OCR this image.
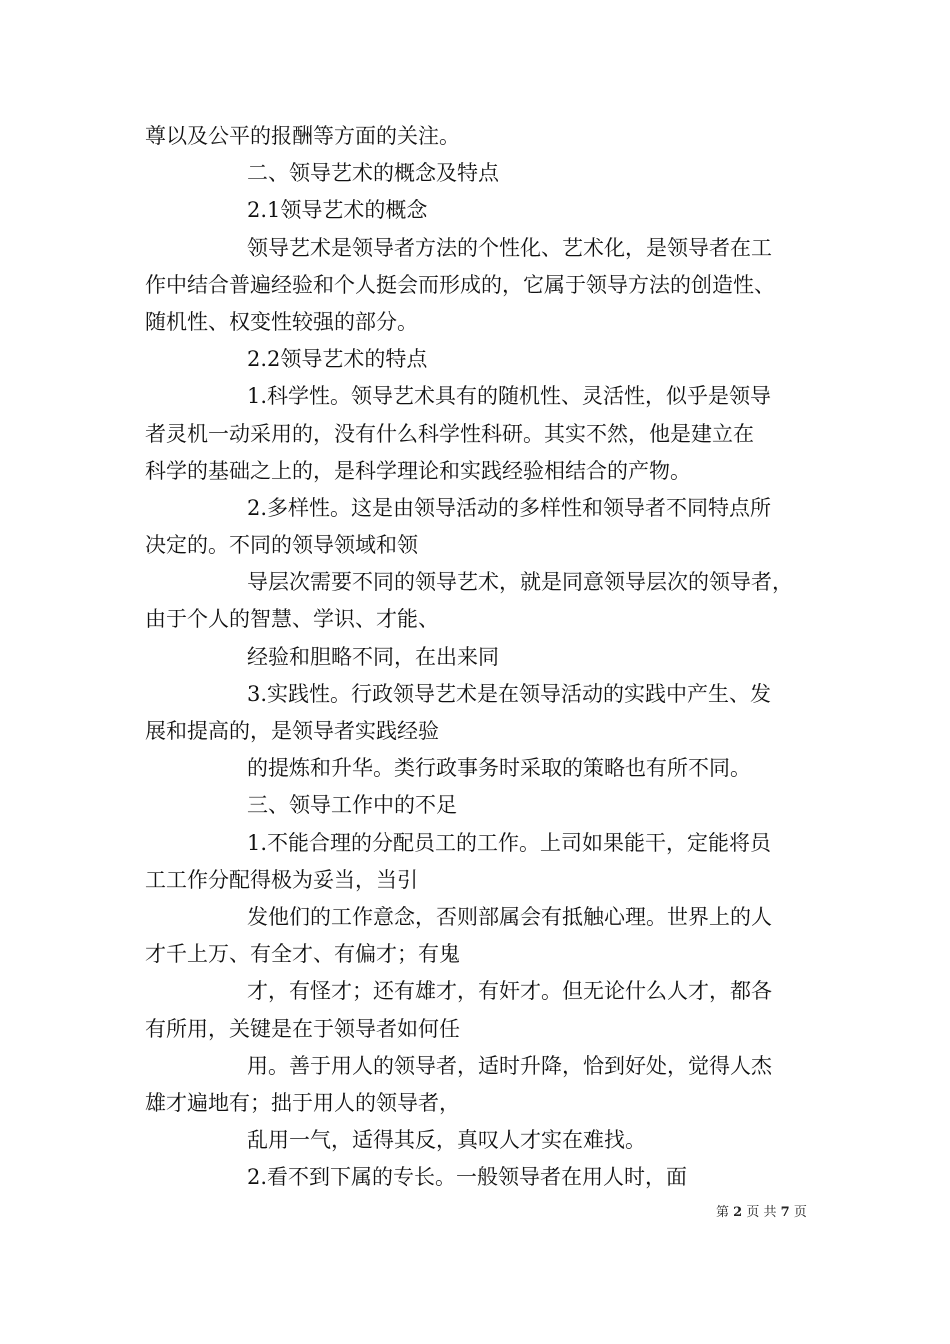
尊以及公平的报酬等方面的关注。
二、领导艺术的概念及特点
2.1领导艺术的概念
领导艺术是领导者方法的个性化、艺术化，是领导者在工
作中结合普遍经验和个人挺会而形成的，它属于领导方法的创造性、
随机性、权变性较强的部分。
2.2领导艺术的特点
1.科学性。领导艺术具有的随机性、灵活性，似乎是领导
者灵机一动采用的，没有什么科学性科研。其实不然，他是建立在
科学的基础之上的，是科学理论和实践经验相结合的产物。
2.多样性。这是由领导活动的多样性和领导者不同特点所
决定的。不同的领导领域和领
导层次需要不同的领导艺术，就是同意领导层次的领导者，
由于个人的智慧、学识、才能、
经验和胆略不同，在出来同
3.实践性。行政领导艺术是在领导活动的实践中产生、发
展和提高的，是领导者实践经验
的提炼和升华。类行政事务时采取的策略也有所不同。
三、领导工作中的不足
1.不能合理的分配员工的工作。上司如果能干，定能将员
工工作分配得极为妥当，当引
发他们的工作意念，否则部属会有抵触心理。世界上的人
才千上万、有全才、有偏才；有鬼
才，有怪才；还有雄才，有奸才。但无论什么人才，都各
有所用，关键是在于领导者如何任
用。善于用人的领导者，适时升降，恰到好处，觉得人杰
雄才遍地有；拙于用人的领导者，
乱用一气，适得其反，真叹人才实在难找。
2.看不到下属的专长。一般领导者在用人时，面
第 2 页 共 7 页
